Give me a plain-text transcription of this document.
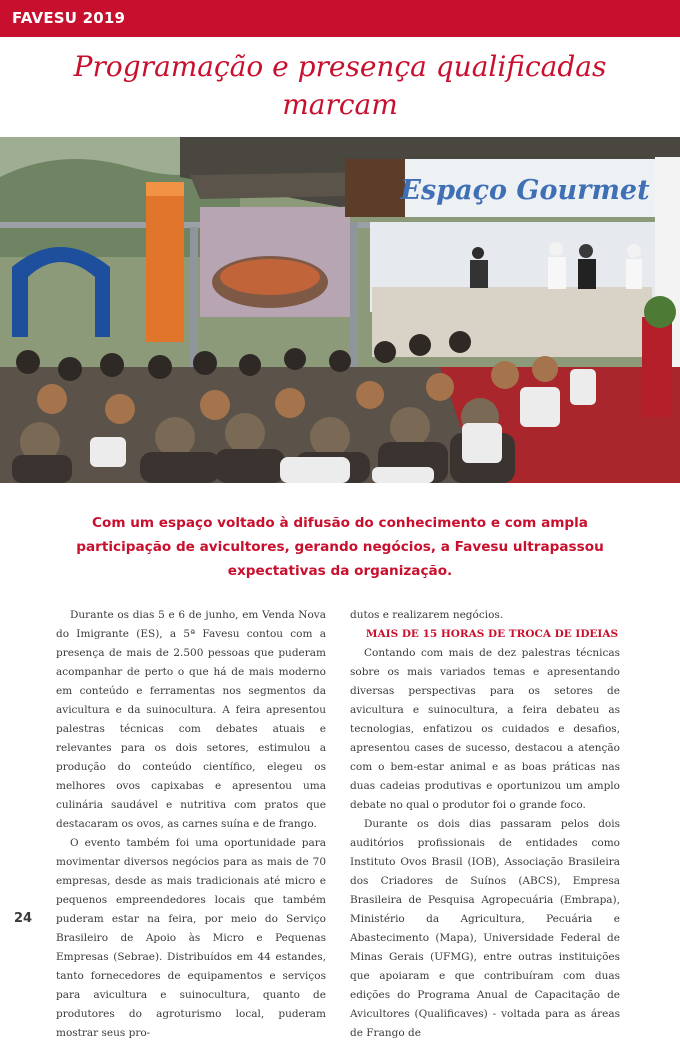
FAVESU 2019
Programação e presença qualificadas marcam

Espaço Gourmet
Com um espaço voltado à difusão do conhecimento e com ampla participação de avicultores, gerando negócios, a Favesu ultrapassou expectativas da organização.

Durante os dias 5 e 6 de junho, em Venda Nova do Imigrante (ES), a 5ª Favesu contou com a presença de mais de 2.500 pessoas que puderam acompanhar de perto o que há de mais moderno em conteúdo e ferramentas nos segmentos da avicultura e da suinocultura. A feira apresentou palestras técnicas com debates atuais e relevantes para os dois setores, estimulou a produção do conteúdo científico, elegeu os melhores ovos capixabas e apresentou uma culinária saudável e nutritiva com pratos que destacaram os ovos, as carnes suína e de frango.

O evento também foi uma oportunidade para movimentar diversos negócios para as mais de 70 empresas, desde as mais tradicionais até micro e pequenos empreendedores locais que também puderam estar na feira, por meio do Serviço Brasileiro de Apoio às Micro e Pequenas Empresas (Sebrae). Distribuídos em 44 estandes, tanto fornecedores de equipamentos e serviços para avicultura e suinocultura, quanto de produtores do agroturismo local, puderam mostrar seus pro-

dutos e realizarem negócios.

MAIS DE 15 HORAS DE TROCA DE IDEIAS

Contando com mais de dez palestras técnicas sobre os mais variados temas e apresentando diversas perspectivas para os setores de avicultura e suinocultura, a feira debateu as tecnologias, enfatizou os cuidados e desafios, apresentou cases de sucesso, destacou a atenção com o bem-estar animal e as boas práticas nas duas cadeias produtivas e oportunizou um amplo debate no qual o produtor foi o grande foco.

Durante os dois dias passaram pelos dois auditórios profissionais de entidades como Instituto Ovos Brasil (IOB), Associação Brasileira dos Criadores de Suínos (ABCS), Empresa Brasileira de Pesquisa Agropecuária (Embrapa), Ministério da Agricultura, Pecuária e Abastecimento (Mapa), Universidade Federal de Minas Gerais (UFMG), entre outras instituições que apoiaram e que contribuíram com duas edições do Programa Anual de Capacitação de Avicultores (Qualificaves) - voltada para as áreas de Frango de

24
